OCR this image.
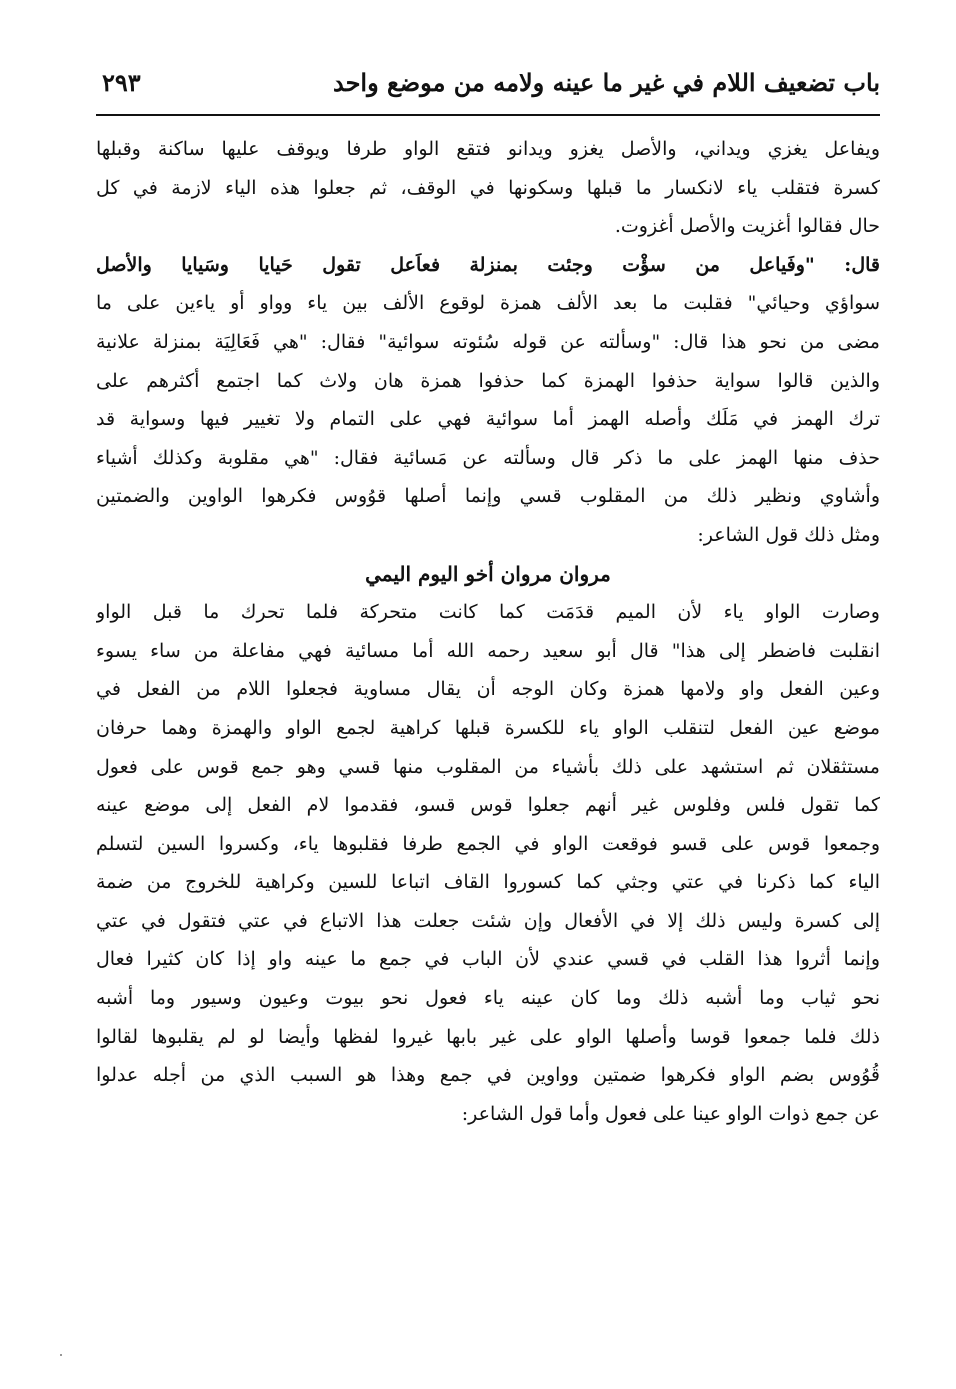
باب تضعيف اللام في غير ما عينه ولامه من موضع واحد
٢٩٣
ويفاعل يغزي ويداني، والأصل يغزو ويدانو فتقع الواو طرفا ويوقف عليها ساكنة وقبلها
كسرة فتقلب ياء لانكسار ما قبلها وسكونها في الوقف، ثم جعلوا هذه الياء لازمة في كل
حال فقالوا أغزيت والأصل أغزوت.
قال: "وفَياعل من سؤْت وجئت بمنزلة فعاَعل تقول حَيايا وسَيايا والأصل
سواؤي وحيائي" فقلبت ما بعد الألف همزة لوقوع الألف بين ياء وواو أو ياءين على ما
مضى من نحو هذا قال: "وسألته عن قوله سُئوته سوائية" فقال: "هي فَعَالِيَة بمنزلة علانية
والذين قالوا سواية حذفوا الهمزة كما حذفوا همزة هان ولاث كما اجتمع أكثرهم على
ترك الهمز في مَلَك وأصله الهمز أما سوائية فهي على التمام ولا تغيير فيها وسواية قد
حذف منها الهمز على ما ذكر قال وسألته عن مَسائية فقال: "هي مقلوبة وكذلك أشياء
وأشاوي ونظير ذلك من المقلوب قسي وإنما أصلها قوُوس فكرهوا الواوين والضمتين
ومثل ذلك قول الشاعر:
مروان مروان أخو اليوم اليمي
وصارت الواو ياء لأن الميم قدَمَت كما كانت متحركة فلما تحرك ما قبل الواو
انقلبت فاضطر إلى هذا" قال أبو سعيد رحمه الله أما مسائية فهي مفاعلة من ساء يسوء
وعين الفعل واو ولامها همزة وكان الوجه أن يقال مساوية فجعلوا اللام من الفعل في
موضع عين الفعل لتنقلب الواو ياء للكسرة قبلها كراهية لجمع الواو والهمزة وهما حرفان
مستثقلان ثم استشهد على ذلك بأشياء من المقلوب منها قسي وهو جمع قوس على فعول
كما تقول فلس وفلوس غير أنهم جعلوا قوس قسو، فقدموا لام الفعل إلى موضع عينه
وجمعوا قوس على قسو فوقعت الواو في الجمع طرفا فقلبوها ياء، وكسروا السين لتسلم
الياء كما ذكرنا في عتي وجثي كما كسوروا القاف اتباعا للسين وكراهية للخروج من ضمة
إلى كسرة وليس ذلك إلا في الأفعال وإن شئت جعلت هذا الاتباع في عتي فتقول في عتي
وإنما أثروا هذا القلب في قسي عندي لأن الباب في جمع ما عينه واو إذا كان كثيرا فعال
نحو ثياب وما أشبه ذلك وما كان عينه ياء فعول نحو بيوت وعيون وسيور وما أشبه
ذلك فلما جمعوا قوسا وأصلها الواو على غير بابها غيروا لفظها وأيضا لو لم يقلبوها لقالوا
قُوُوس بضم الواو فكرهوا ضمتين وواوين في جمع وهذا هو السبب الذي من أجله عدلوا
عن جمع ذوات الواو عينا على فعول وأما قول الشاعر:
